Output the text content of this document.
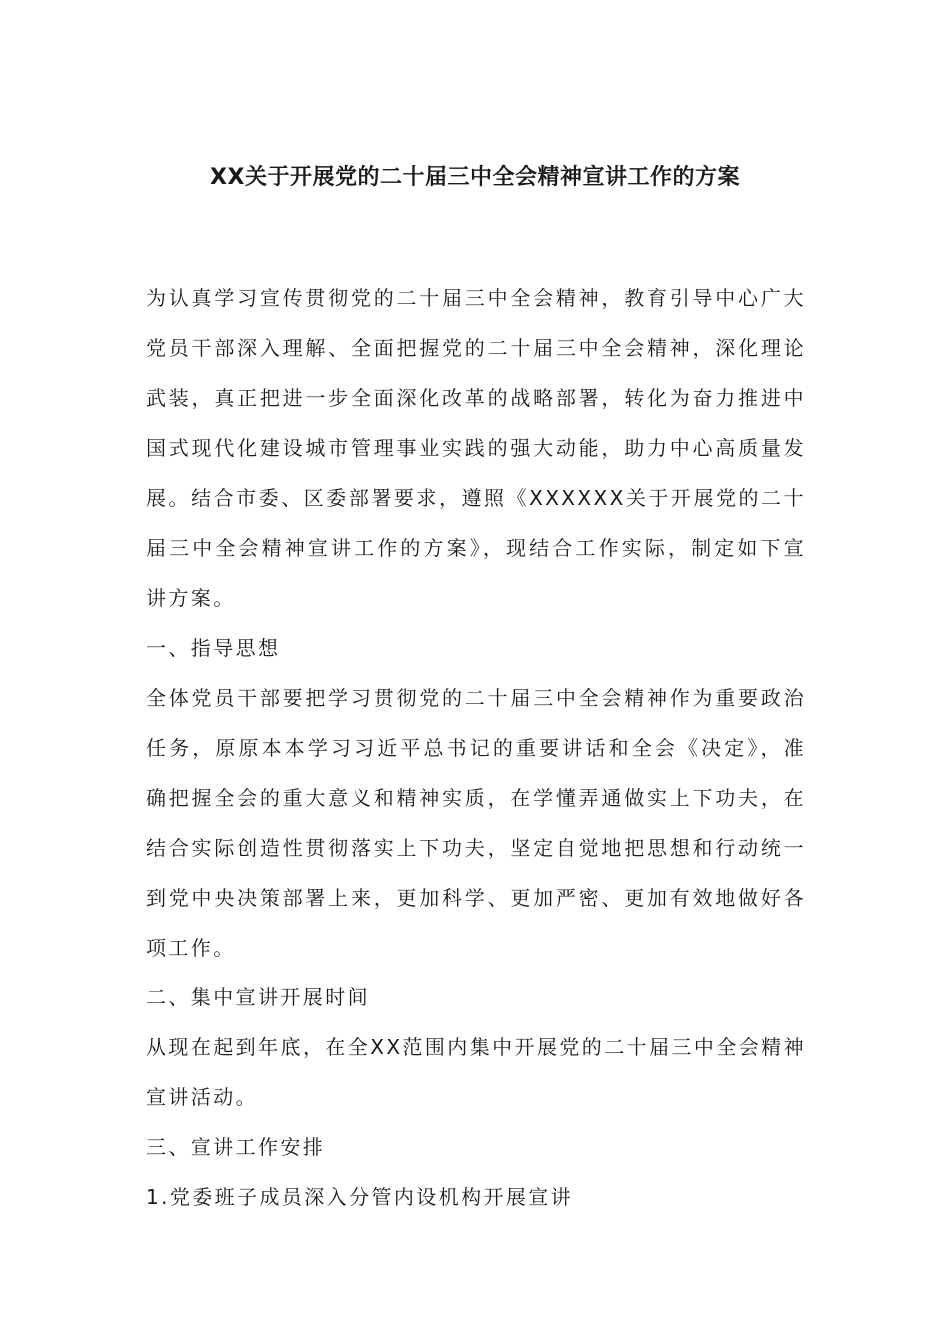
XX关于开展党的二十届三中全会精神宣讲工作的方案

为认真学习宣传贯彻党的二十届三中全会精神，教育引导中心广大党员干部深入理解、全面把握党的二十届三中全会精神，深化理论武装，真正把进一步全面深化改革的战略部署，转化为奋力推进中国式现代化建设城市管理事业实践的强大动能，助力中心高质量发展。结合市委、区委部署要求，遵照《XXXXXX关于开展党的二十届三中全会精神宣讲工作的方案》，现结合工作实际，制定如下宣讲方案。

一、指导思想

全体党员干部要把学习贯彻党的二十届三中全会精神作为重要政治任务，原原本本学习习近平总书记的重要讲话和全会《决定》，准确把握全会的重大意义和精神实质，在学懂弄通做实上下功夫，在结合实际创造性贯彻落实上下功夫，坚定自觉地把思想和行动统一到党中央决策部署上来，更加科学、更加严密、更加有效地做好各项工作。

二、集中宣讲开展时间

从现在起到年底，在全XX范围内集中开展党的二十届三中全会精神宣讲活动。

三、宣讲工作安排

1.党委班子成员深入分管内设机构开展宣讲
